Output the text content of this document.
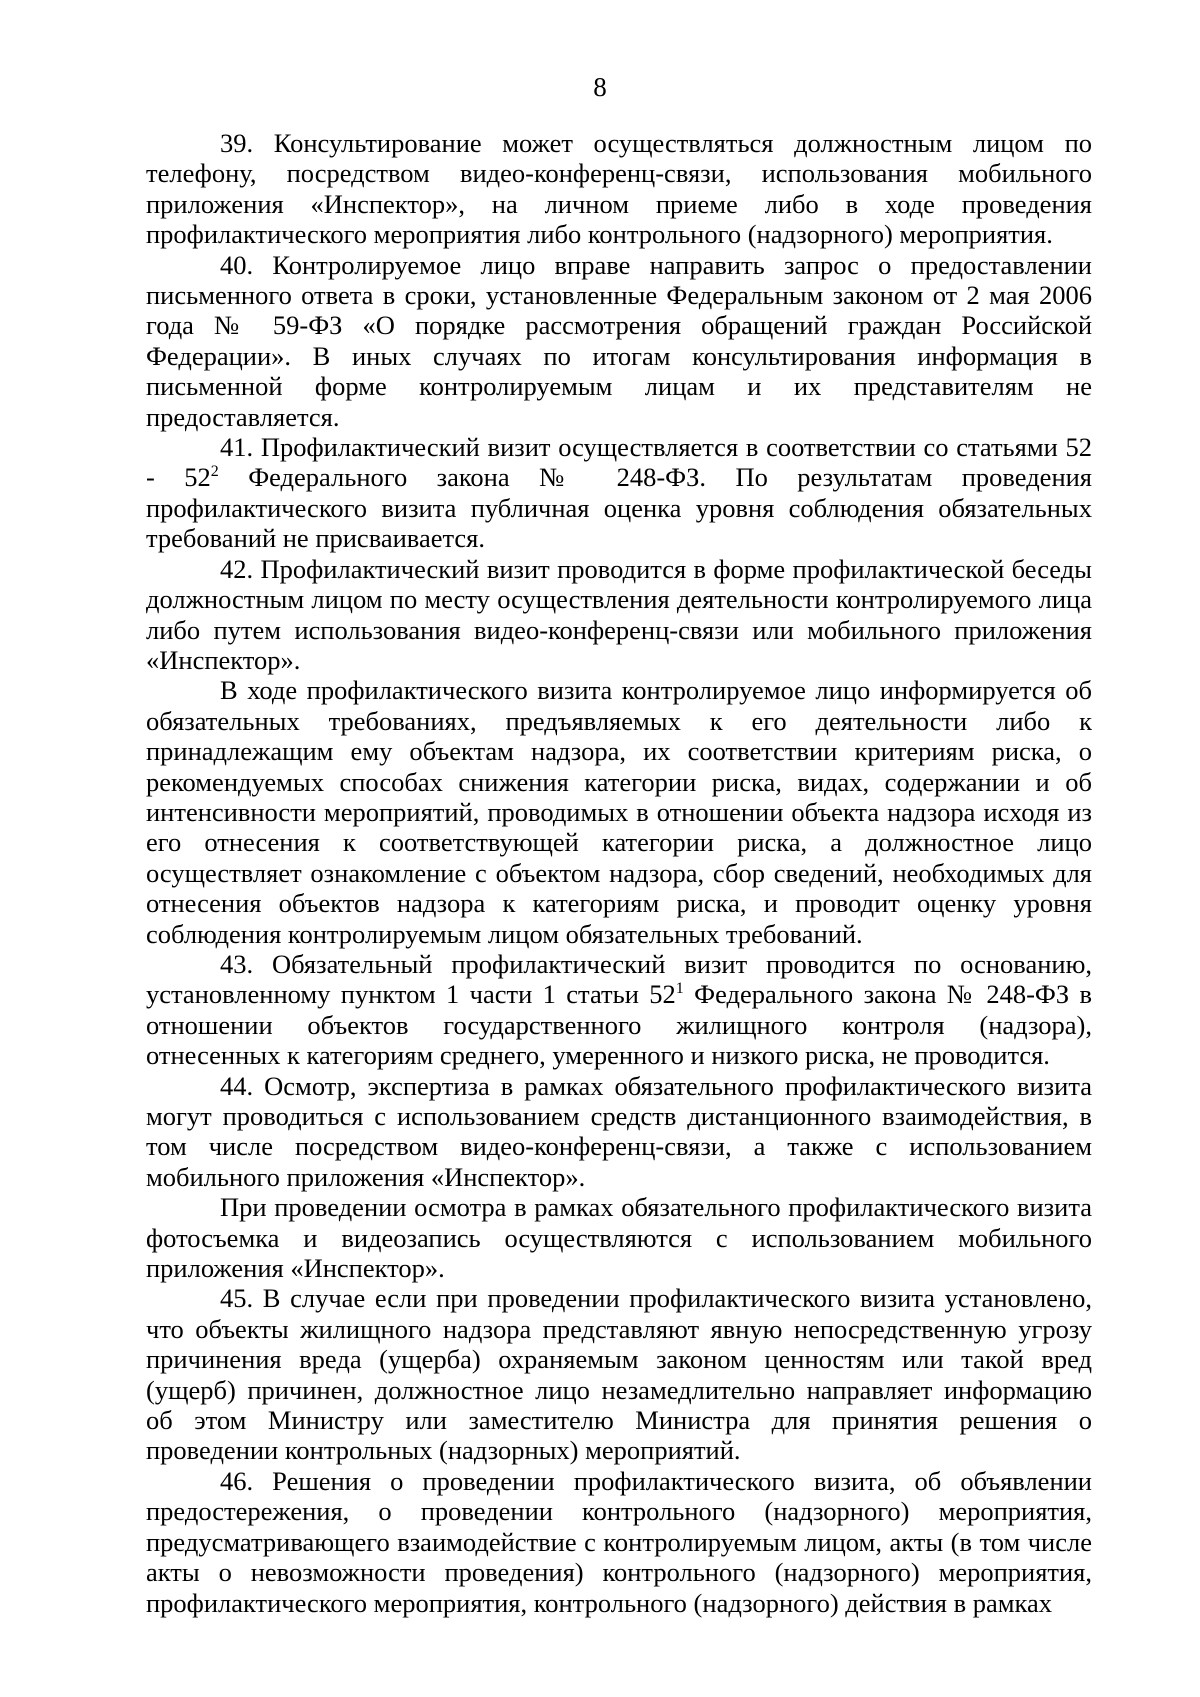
8

39. Консультирование может осуществляться должностным лицом по телефону, посредством видео-конференц-связи, использования мобильного приложения «Инспектор», на личном приеме либо в ходе проведения профилактического мероприятия либо контрольного (надзорного) мероприятия.

40. Контролируемое лицо вправе направить запрос о предоставлении письменного ответа в сроки, установленные Федеральным законом от 2 мая 2006 года № 59-ФЗ «О порядке рассмотрения обращений граждан Российской Федерации». В иных случаях по итогам консультирования информация в письменной форме контролируемым лицам и их представителям не предоставляется.

41. Профилактический визит осуществляется в соответствии со статьями $52 - 52^2$ Федерального закона № 248-ФЗ. По результатам проведения профилактического визита публичная оценка уровня соблюдения обязательных требований не присваивается.

42. Профилактический визит проводится в форме профилактической беседы должностным лицом по месту осуществления деятельности контролируемого лица либо путем использования видео-конференц-связи или мобильного приложения «Инспектор».

В ходе профилактического визита контролируемое лицо информируется об обязательных требованиях, предъявляемых к его деятельности либо к принадлежащим ему объектам надзора, их соответствии критериям риска, о рекомендуемых способах снижения категории риска, видах, содержании и об интенсивности мероприятий, проводимых в отношении объекта надзора исходя из его отнесения к соответствующей категории риска, а должностное лицо осуществляет ознакомление с объектом надзора, сбор сведений, необходимых для отнесения объектов надзора к категориям риска, и проводит оценку уровня соблюдения контролируемым лицом обязательных требований.

43. Обязательный профилактический визит проводится по основанию, установленному пунктом 1 части 1 статьи $52^1$ Федерального закона № 248-ФЗ в отношении объектов государственного жилищного контроля (надзора), отнесенных к категориям среднего, умеренного и низкого риска, не проводится.

44. Осмотр, экспертиза в рамках обязательного профилактического визита могут проводиться с использованием средств дистанционного взаимодействия, в том числе посредством видео-конференц-связи, а также с использованием мобильного приложения «Инспектор».

При проведении осмотра в рамках обязательного профилактического визита фотосъемка и видеозапись осуществляются с использованием мобильного приложения «Инспектор».

45. В случае если при проведении профилактического визита установлено, что объекты жилищного надзора представляют явную непосредственную угрозу причинения вреда (ущерба) охраняемым законом ценностям или такой вред (ущерб) причинен, должностное лицо незамедлительно направляет информацию об этом Министру или заместителю Министра для принятия решения о проведении контрольных (надзорных) мероприятий.

46. Решения о проведении профилактического визита, об объявлении предостережения, о проведении контрольного (надзорного) мероприятия, предусматривающего взаимодействие с контролируемым лицом, акты (в том числе акты о невозможности проведения) контрольного (надзорного) мероприятия, профилактического мероприятия, контрольного (надзорного) действия в рамках
